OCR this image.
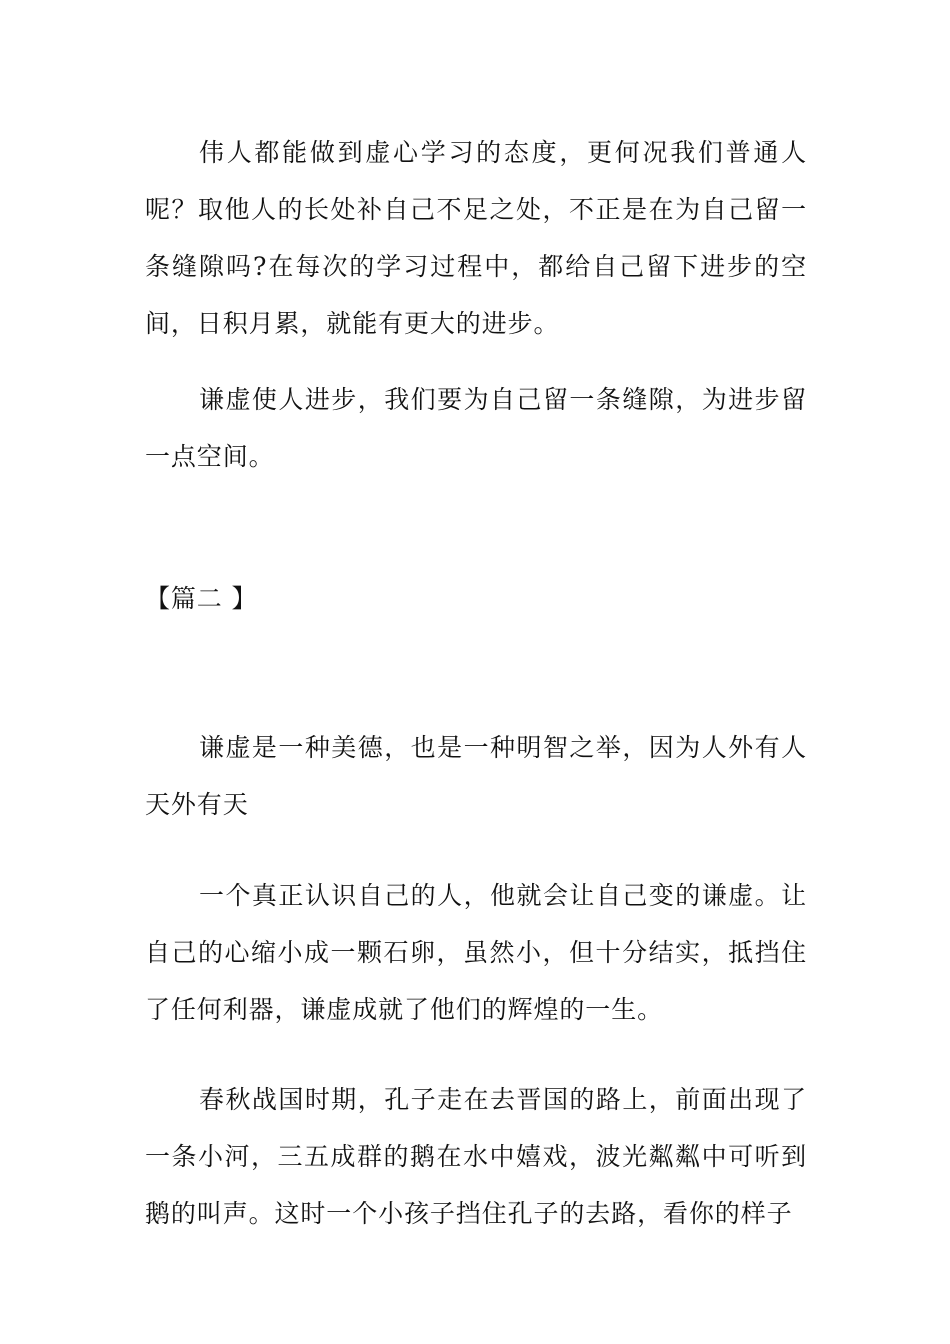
伟人都能做到虚心学习的态度，更何况我们普通人呢？取他人的长处补自己不足之处，不正是在为自己留一条缝隙吗?在每次的学习过程中，都给自己留下进步的空间，日积月累，就能有更大的进步。

谦虚使人进步，我们要为自己留一条缝隙，为进步留一点空间。

【篇二 】

谦虚是一种美德，也是一种明智之举，因为人外有人天外有天

一个真正认识自己的人，他就会让自己变的谦虚。让自己的心缩小成一颗石卵，虽然小，但十分结实，抵挡住了任何利器，谦虚成就了他们的辉煌的一生。

春秋战国时期，孔子走在去晋国的路上，前面出现了一条小河，三五成群的鹅在水中嬉戏，波光粼粼中可听到鹅的叫声。这时一个小孩子挡住孔子的去路，看你的样子
